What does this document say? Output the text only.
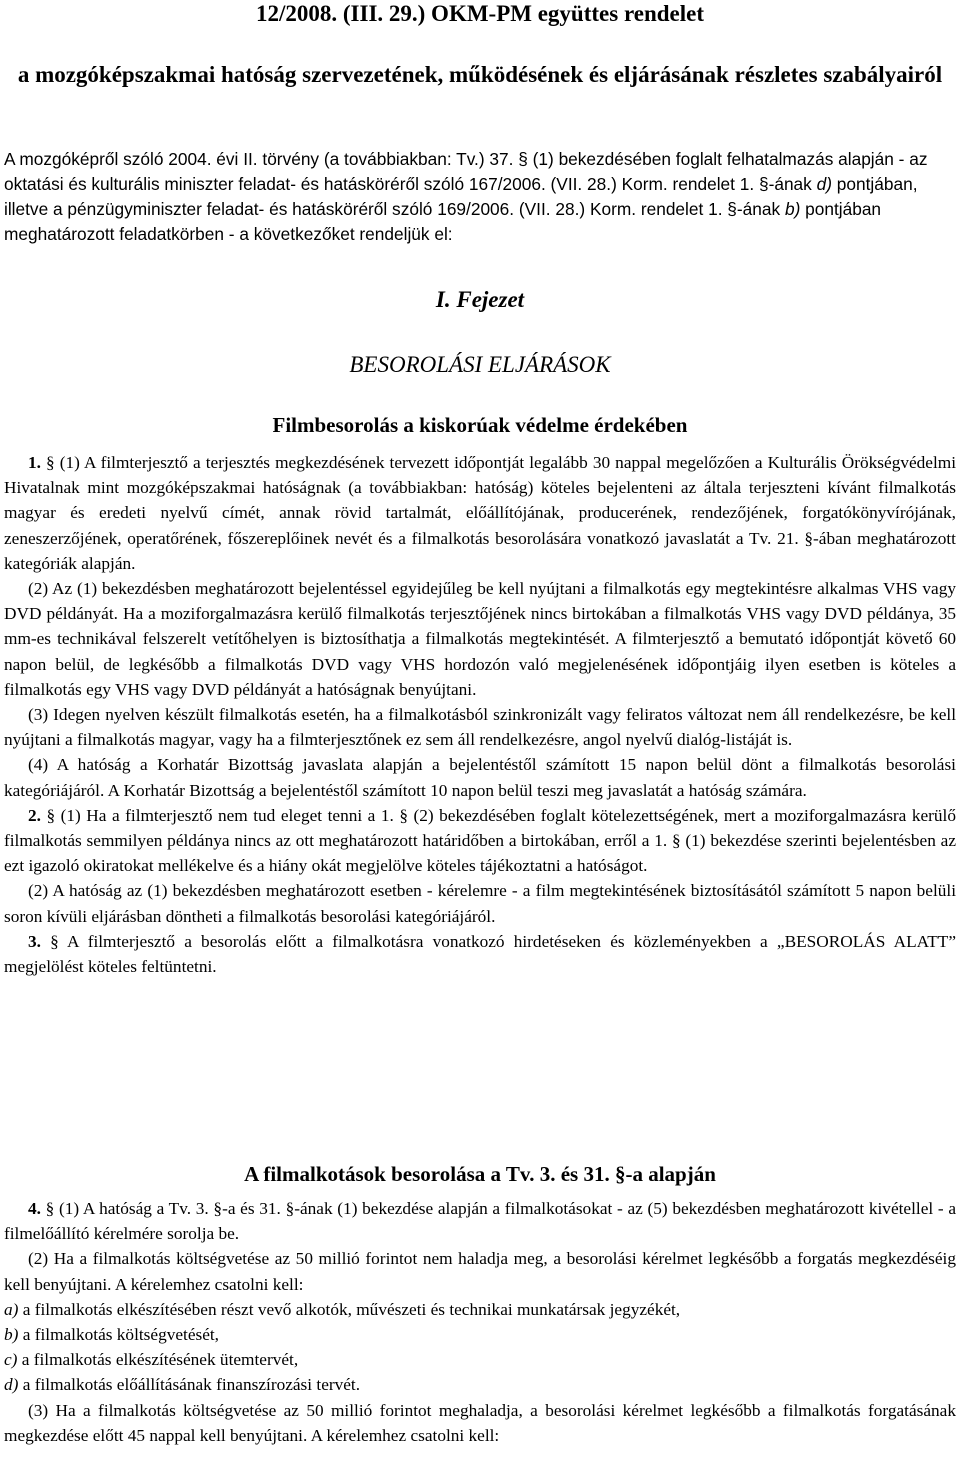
12/2008. (III. 29.) OKM-PM együttes rendelet
a mozgóképszakmai hatóság szervezetének, működésének és eljárásának részletes szabályairól
A mozgóképről szóló 2004. évi II. törvény (a továbbiakban: Tv.) 37. § (1) bekezdésében foglalt felhatalmazás alapján - az oktatási és kulturális miniszter feladat- és hatásköréről szóló 167/2006. (VII. 28.) Korm. rendelet 1. §-ának d) pontjában, illetve a pénzügyminiszter feladat- és hatásköréről szóló 169/2006. (VII. 28.) Korm. rendelet 1. §-ának b) pontjában meghatározott feladatkörben - a következőket rendeljük el:
I. Fejezet
BESOROLÁSI ELJÁRÁSOK
Filmbesorolás a kiskorúak védelme érdekében

1. § (1) A filmterjesztő a terjesztés megkezdésének tervezett időpontját legalább 30 nappal megelőzően a Kulturális Örökségvédelmi Hivatalnak mint mozgóképszakmai hatóságnak (a továbbiakban: hatóság) köteles bejelenteni az általa terjeszteni kívánt filmalkotás magyar és eredeti nyelvű címét, annak rövid tartalmát, előállítójának, producerének, rendezőjének, forgatókönyvírójának, zeneszerzőjének, operatőrének, főszereplőinek nevét és a filmalkotás besorolására vonatkozó javaslatát a Tv. 21. §-ában meghatározott kategóriák alapján.

(2) Az (1) bekezdésben meghatározott bejelentéssel egyidejűleg be kell nyújtani a filmalkotás egy megtekintésre alkalmas VHS vagy DVD példányát. Ha a moziforgalmazásra kerülő filmalkotás terjesztőjének nincs birtokában a filmalkotás VHS vagy DVD példánya, 35 mm-es technikával felszerelt vetítőhelyen is biztosíthatja a filmalkotás megtekintését. A filmterjesztő a bemutató időpontját követő 60 napon belül, de legkésőbb a filmalkotás DVD vagy VHS hordozón való megjelenésének időpontjáig ilyen esetben is köteles a filmalkotás egy VHS vagy DVD példányát a hatóságnak benyújtani.

(3) Idegen nyelven készült filmalkotás esetén, ha a filmalkotásból szinkronizált vagy feliratos változat nem áll rendelkezésre, be kell nyújtani a filmalkotás magyar, vagy ha a filmterjesztőnek ez sem áll rendelkezésre, angol nyelvű dialóg-listáját is.

(4) A hatóság a Korhatár Bizottság javaslata alapján a bejelentéstől számított 15 napon belül dönt a filmalkotás besorolási kategóriájáról. A Korhatár Bizottság a bejelentéstől számított 10 napon belül teszi meg javaslatát a hatóság számára.

2. § (1) Ha a filmterjesztő nem tud eleget tenni a 1. § (2) bekezdésében foglalt kötelezettségének, mert a moziforgalmazásra kerülő filmalkotás semmilyen példánya nincs az ott meghatározott határidőben a birtokában, erről a 1. § (1) bekezdése szerinti bejelentésben az ezt igazoló okiratokat mellékelve és a hiány okát megjelölve köteles tájékoztatni a hatóságot.

(2) A hatóság az (1) bekezdésben meghatározott esetben - kérelemre - a film megtekintésének biztosításától számított 5 napon belüli soron kívüli eljárásban döntheti a filmalkotás besorolási kategóriájáról.

3. § A filmterjesztő a besorolás előtt a filmalkotásra vonatkozó hirdetéseken és közleményekben a „BESOROLÁS ALATT” megjelölést köteles feltüntetni.

A filmalkotások besorolása a Tv. 3. és 31. §-a alapján

4. § (1) A hatóság a Tv. 3. §-a és 31. §-ának (1) bekezdése alapján a filmalkotásokat - az (5) bekezdésben meghatározott kivétellel - a filmelőállító kérelmére sorolja be.

(2) Ha a filmalkotás költségvetése az 50 millió forintot nem haladja meg, a besorolási kérelmet legkésőbb a forgatás megkezdéséig kell benyújtani. A kérelemhez csatolni kell:

a) a filmalkotás elkészítésében részt vevő alkotók, művészeti és technikai munkatársak jegyzékét,

b) a filmalkotás költségvetését,

c) a filmalkotás elkészítésének ütemtervét,

d) a filmalkotás előállításának finanszírozási tervét.

(3) Ha a filmalkotás költségvetése az 50 millió forintot meghaladja, a besorolási kérelmet legkésőbb a filmalkotás forgatásának megkezdése előtt 45 nappal kell benyújtani. A kérelemhez csatolni kell:
